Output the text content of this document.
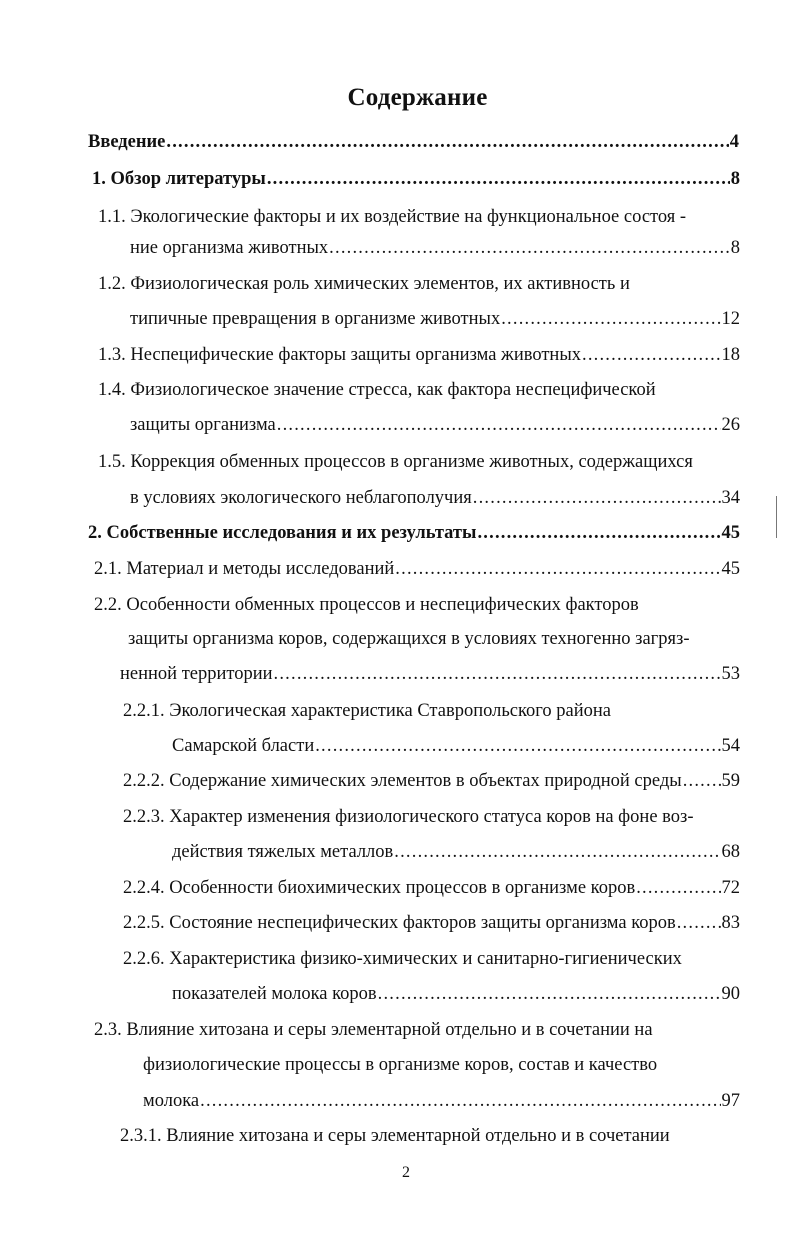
Содержание
Введение .....	4
1. Обзор литературы .....	8
1.1. Экологические факторы и их воздействие на функциональное состоя -
ние организма животных .....	8
1.2. Физиологическая роль химических элементов, их активность и
типичные превращения в организме животных .....	12
1.3. Неспецифические факторы защиты организма животных .....	18
1.4. Физиологическое значение стресса, как фактора неспецифической
защиты организма .....	26
1.5. Коррекция обменных процессов в организме животных, содержащихся
в условиях экологического неблагополучия .....	34
2. Собственные исследования и их результаты .....	45
2.1. Материал и методы исследований .....	45
2.2. Особенности обменных процессов и неспецифических факторов
защиты организма коров, содержащихся в условиях техногенно загряз-
ненной территории .....	53
2.2.1. Экологическая характеристика Ставропольского района
Самарской бласти .....	54
2.2.2. Содержание химических элементов в объектах природной среды ..... 59
2.2.3. Характер изменения физиологического статуса коров на фоне воз-
действия тяжелых металлов .....	68
2.2.4. Особенности биохимических процессов в организме коров .....	72
2.2.5. Состояние неспецифических факторов защиты организма коров ..... 83
2.2.6. Характеристика физико-химических и санитарно-гигиенических
показателей молока коров .....	90
2.3. Влияние хитозана и серы элементарной отдельно и в сочетании на
физиологические процессы в организме коров, состав и качество
молока .....	97
2.3.1. Влияние хитозана и серы элементарной отдельно и в сочетании
2
